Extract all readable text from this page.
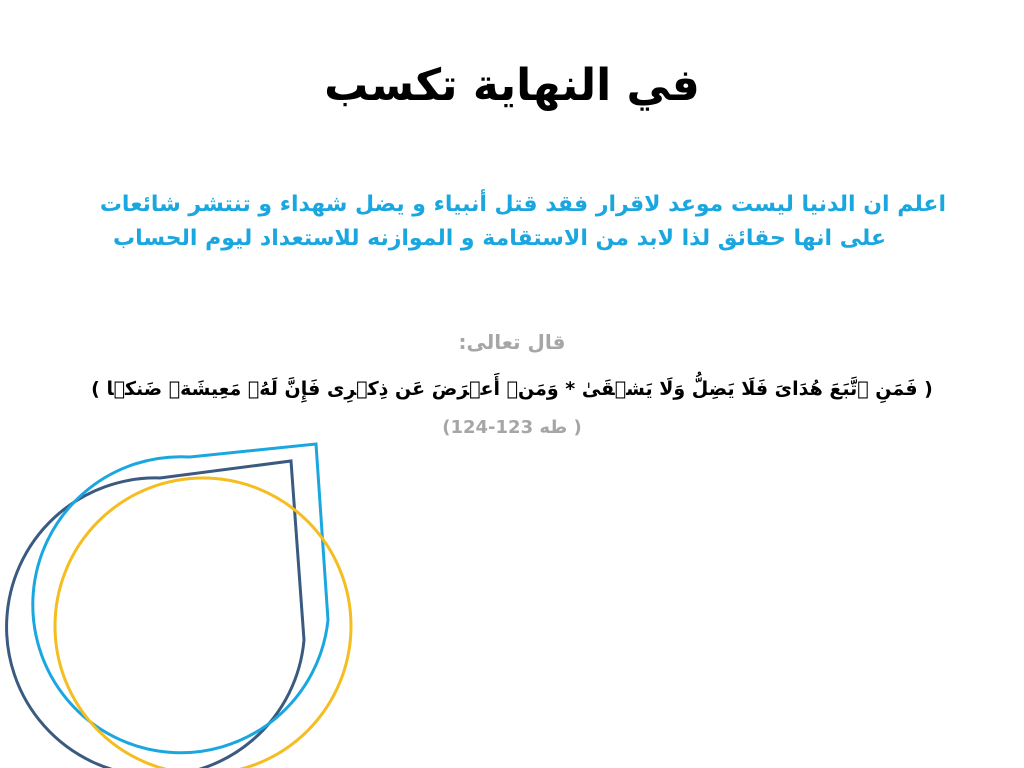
في النهاية تكسب
اعلم ان الدنيا ليست موعد لاقرار فقد قتل أنبياء و يضل شهداء و تنتشر شائعات
على انها حقائق لذا لابد من الاستقامة و الموازنه للاستعداد ليوم الحساب
قال تعالى:
( فَمَنِ ٱتَّبَعَ هُدَایَ فَلَا یَضِلُّ وَلَا یَشۡقَىٰ * وَمَنۡ أَعۡرَضَ عَن ذِكۡرِی فَإِنَّ لَهُۥ مَعِیشَةࣰ ضَنكࣰا )
( طه 123-124)
